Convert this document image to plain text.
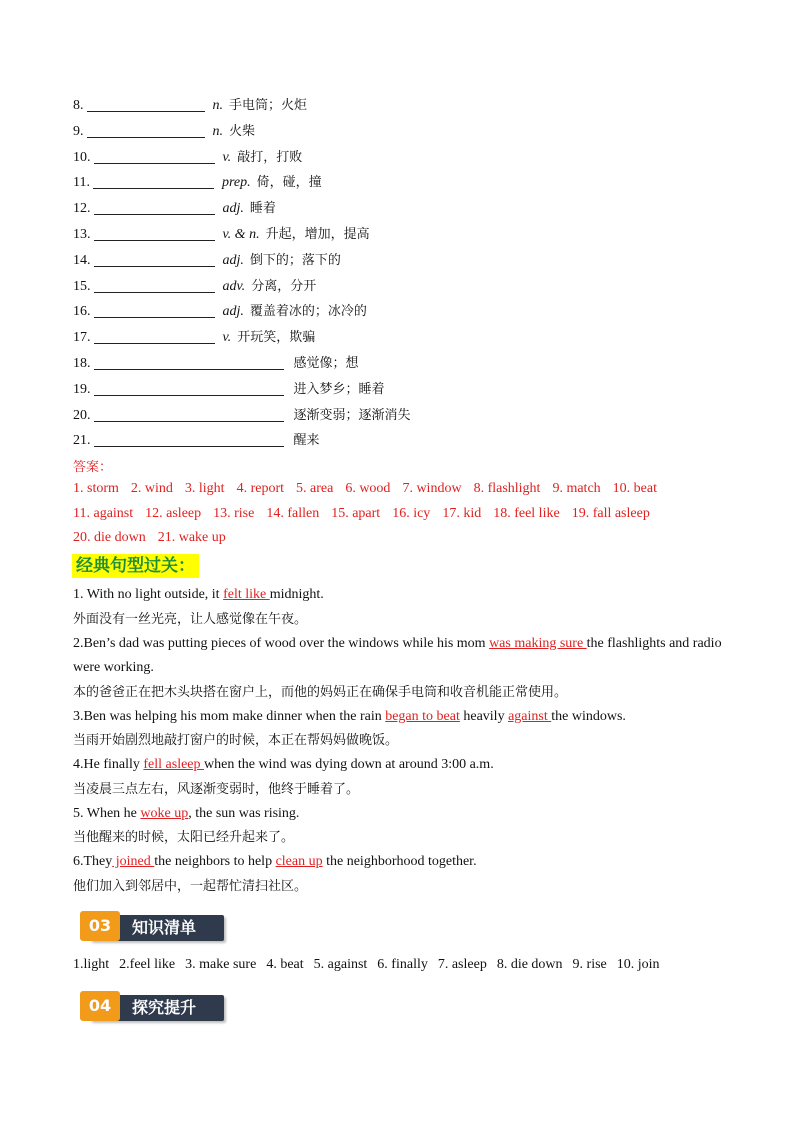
8.	n. 手电筒；火炬
9.	n. 火柴
10.	v. 敲打，打败
11.	prep. 倚，碰，撞
12.	adj. 睡着
13.	v. & n. 升起，增加，提高
14.	adj. 倒下的；落下的
15.	adv. 分离，分开
16.	adj. 覆盖着冰的；冰冷的
17.	v. 开玩笑，欺骗
18.	感觉像；想
19.	进入梦乡；睡着
20.	逐渐变弱；逐渐消失
21.	醒来
答案：
1. storm 2. wind 3. light 4. report 5. area 6. wood 7. window 8. flashlight 9. match 10. beat
11. against 12. asleep 13. rise 14. fallen 15. apart 16. icy 17. kid 18. feel like 19. fall asleep
20. die down 21. wake up
经典句型过关：
1. With no light outside, it felt like midnight.
外面没有一丝光亮，让人感觉像在午夜。
2.Ben’s dad was putting pieces of wood over the windows while his mom was making sure the flashlights and radio
were working.
本的爸爸正在把木头块搭在窗户上，而他的妈妈正在确保手电筒和收音机能正常使用。
3.Ben was helping his mom make dinner when the rain began to beat heavily against the windows.
当雨开始剧烈地敲打窗户的时候，本正在帮妈妈做晚饭。
4.He finally fell asleep when the wind was dying down at around 3:00 a.m.
当凌晨三点左右，风逐渐变弱时，他终于睡着了。
5. When he woke up, the sun was rising.
当他醒来的时候，太阳已经升起来了。
6.They joined the neighbors to help clean up the neighborhood together.
他们加入到邻居中，一起帮忙清扫社区。
03	知识清单
1.light 2.feel like 3. make sure 4. beat 5. against 6. finally 7. asleep 8. die down 9. rise 10. join
04	探究提升
